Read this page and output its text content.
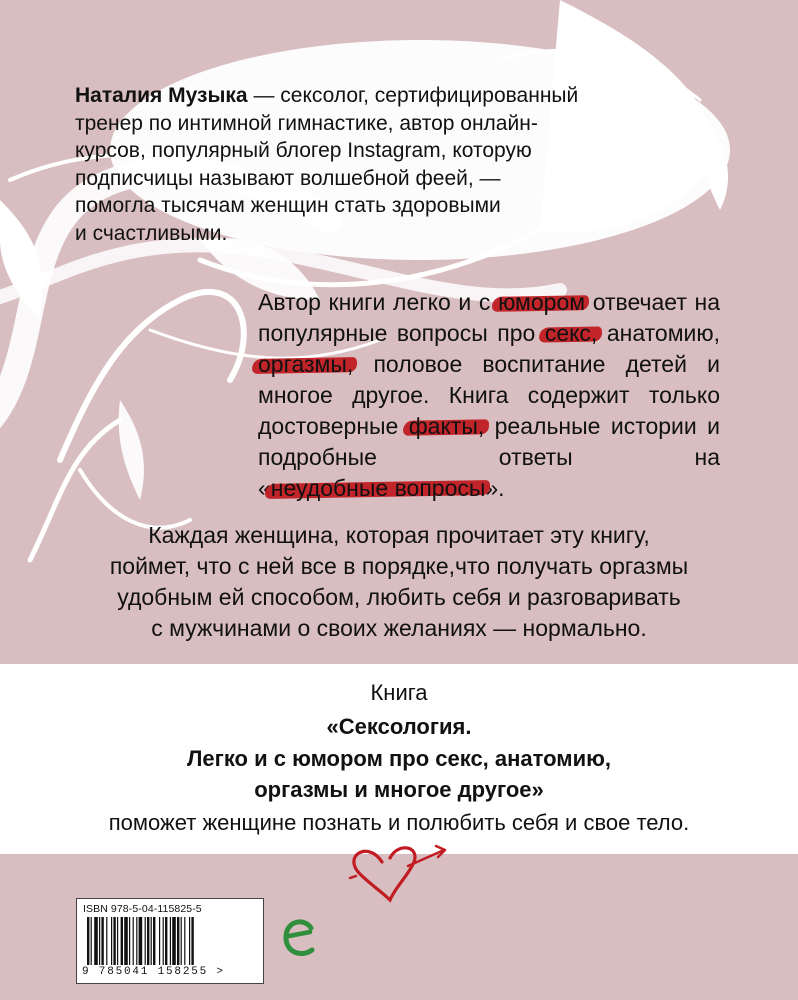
Наталия Музыка — сексолог, сертифицированный
тренер по интимной гимнастике, автор онлайн-
курсов, популярный блогер Instagram, которую
подписчицы называют волшебной феей, —
помогла тысячам женщин стать здоровыми
и счастливыми.

Автор книги легко и с юмором отвечает на популярные вопросы про секс, анатомию, оргазмы, половое воспитание детей и многое другое. Книга содержит только достоверные факты, реальные истории и подробные ответы на «неудобные вопросы».

Каждая женщина, которая прочитает эту книгу,
поймет, что с ней все в порядке,что получать оргазмы
удобным ей способом, любить себя и разговаривать
с мужчинами о своих желаниях — нормально.

Книга

«Сексология.

Легко и с юмором про секс, анатомию,

оргазмы и многое другое»

поможет женщине познать и полюбить себя и свое тело.

ISBN 978-5-04-115825-5
9 785041 158255 >
